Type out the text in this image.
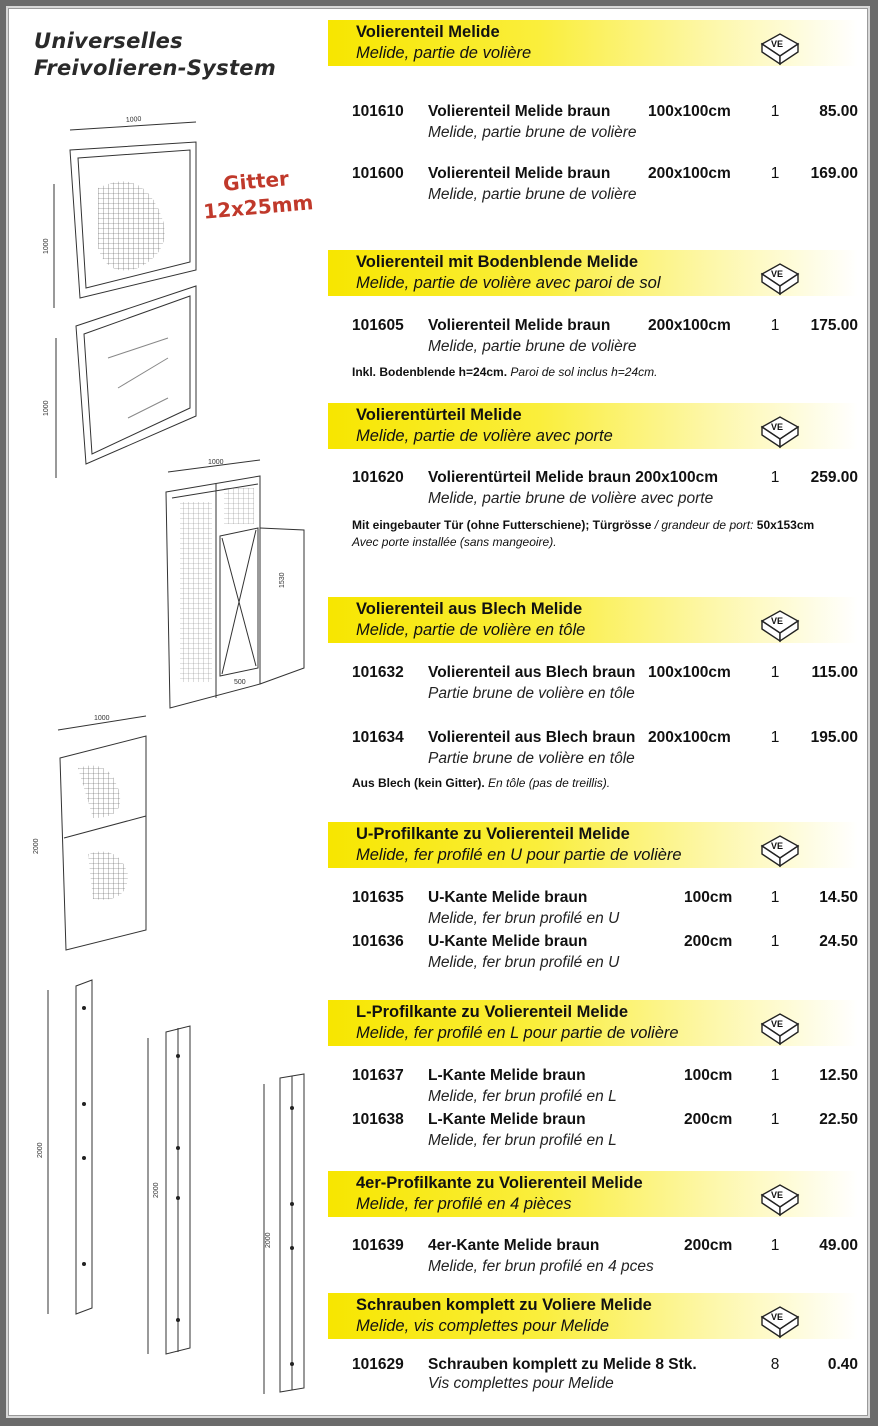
Universelles
Freivolieren-System
1000
1000
1000
1000
1530
500
1000
2000
2000
2000
2000
Gitter
12x25mm
Volierenteil Melide
Melide, partie de volière	VE
101610 Volierenteil Melide braun 100x100cm	1	85.00
Melide, partie brune de volière
101600 Volierenteil Melide braun 200x100cm	1 169.00
Melide, partie brune de volière
Volierenteil mit Bodenblende Melide
Melide, partie de volière avec paroi de sol	VE
101605 Volierenteil Melide braun 200x100cm	1 175.00
Melide, partie brune de volière
Inkl. Bodenblende h=24cm. Paroi de sol inclus h=24cm.
Volierentürteil Melide
Melide, partie de volière avec porte	VE
101620 Volierentürteil Melide braun 200x100cm	1 259.00
Melide, partie brune de volière avec porte
Mit eingebauter Tür (ohne Futterschiene); Türgrösse / grandeur de port: 50x153cm
Avec porte installée (sans mangeoire).
Volierenteil aus Blech Melide
Melide, partie de volière en tôle	VE
101632 Volierenteil aus Blech braun 100x100cm	1 115.00
Partie brune de volière en tôle
101634 Volierenteil aus Blech braun 200x100cm	1 195.00
Partie brune de volière en tôle
Aus Blech (kein Gitter). En tôle (pas de treillis).
U-Profilkante zu Volierenteil Melide
Melide, fer profilé en U pour partie de volière	VE
101635 U-Kante Melide braun	100cm 1	14.50
Melide, fer brun profilé en U
101636 U-Kante Melide braun	200cm 1	24.50
Melide, fer brun profilé en U
L-Profilkante zu Volierenteil Melide
Melide, fer profilé en L pour partie de volière	VE
101637 L-Kante Melide braun	100cm 1	12.50
Melide, fer brun profilé en L
101638 L-Kante Melide braun	200cm 1	22.50
Melide, fer brun profilé en L
4er-Profilkante zu Volierenteil Melide
Melide, fer profilé en 4 pièces	VE
101639 4er-Kante Melide braun	200cm 1	49.00
Melide, fer brun profilé en 4 pces
Schrauben komplett zu Voliere Melide
Melide, vis complettes pour Melide	VE
101629 Schrauben komplett zu Melide 8 Stk.	8	0.40
Vis complettes pour Melide
